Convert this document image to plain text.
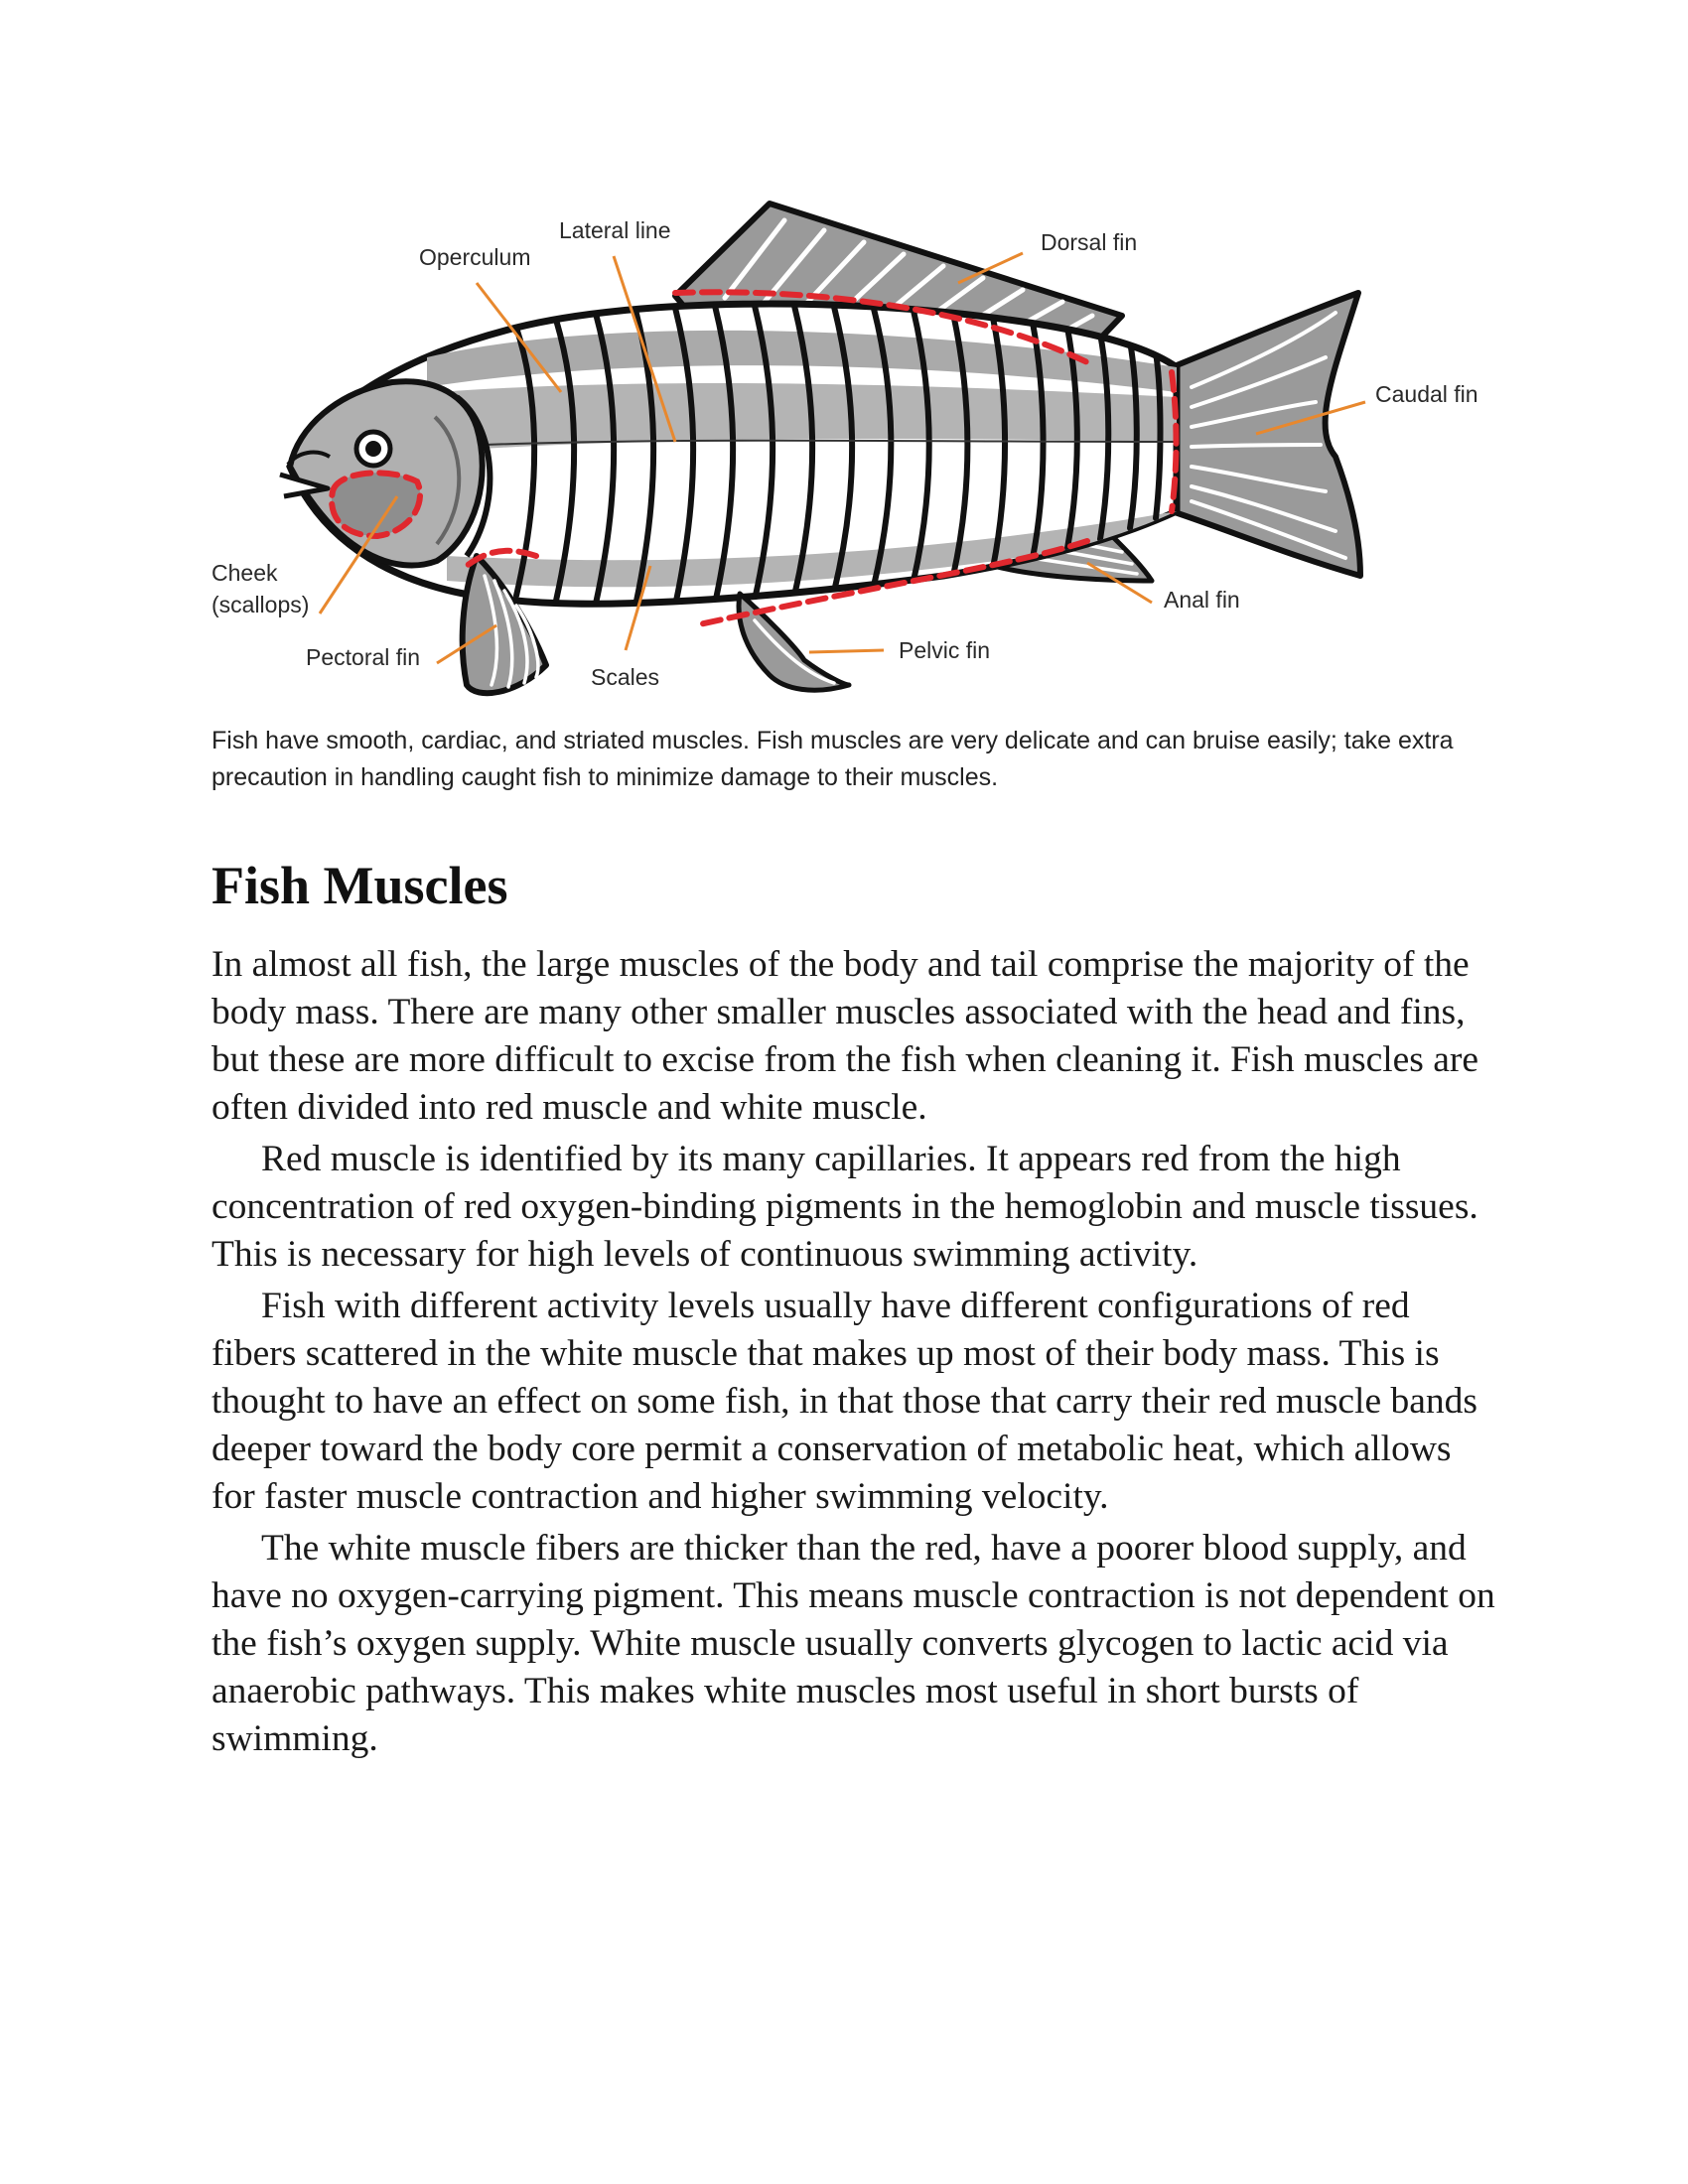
Operculum
Lateral line	Dorsal fin
Caudal fin
Cheek
(scallops)
Pectoral fin
Scales
Pelvic fin
Anal fin

Fish have smooth, cardiac, and striated muscles. Fish muscles are very delicate and can bruise easily; take extra precaution in handling caught fish to minimize damage to their muscles.

Fish Muscles

In almost all fish, the large muscles of the body and tail comprise the majority of the body mass. There are many other smaller muscles associated with the head and fins, but these are more difficult to excise from the fish when cleaning it. Fish muscles are often divided into red muscle and white muscle.

Red muscle is identified by its many capillaries. It appears red from the high concentration of red oxygen-binding pigments in the hemoglobin and muscle tissues. This is necessary for high levels of continuous swimming activity.

Fish with different activity levels usually have different configurations of red fibers scattered in the white muscle that makes up most of their body mass. This is thought to have an effect on some fish, in that those that carry their red muscle bands deeper toward the body core permit a conservation of metabolic heat, which allows for faster muscle contraction and higher swimming velocity.

The white muscle fibers are thicker than the red, have a poorer blood supply, and have no oxygen-carrying pigment. This means muscle contraction is not dependent on the fish’s oxygen supply. White muscle usually converts glycogen to lactic acid via anaerobic pathways. This makes white muscles most useful in short bursts of swimming.
